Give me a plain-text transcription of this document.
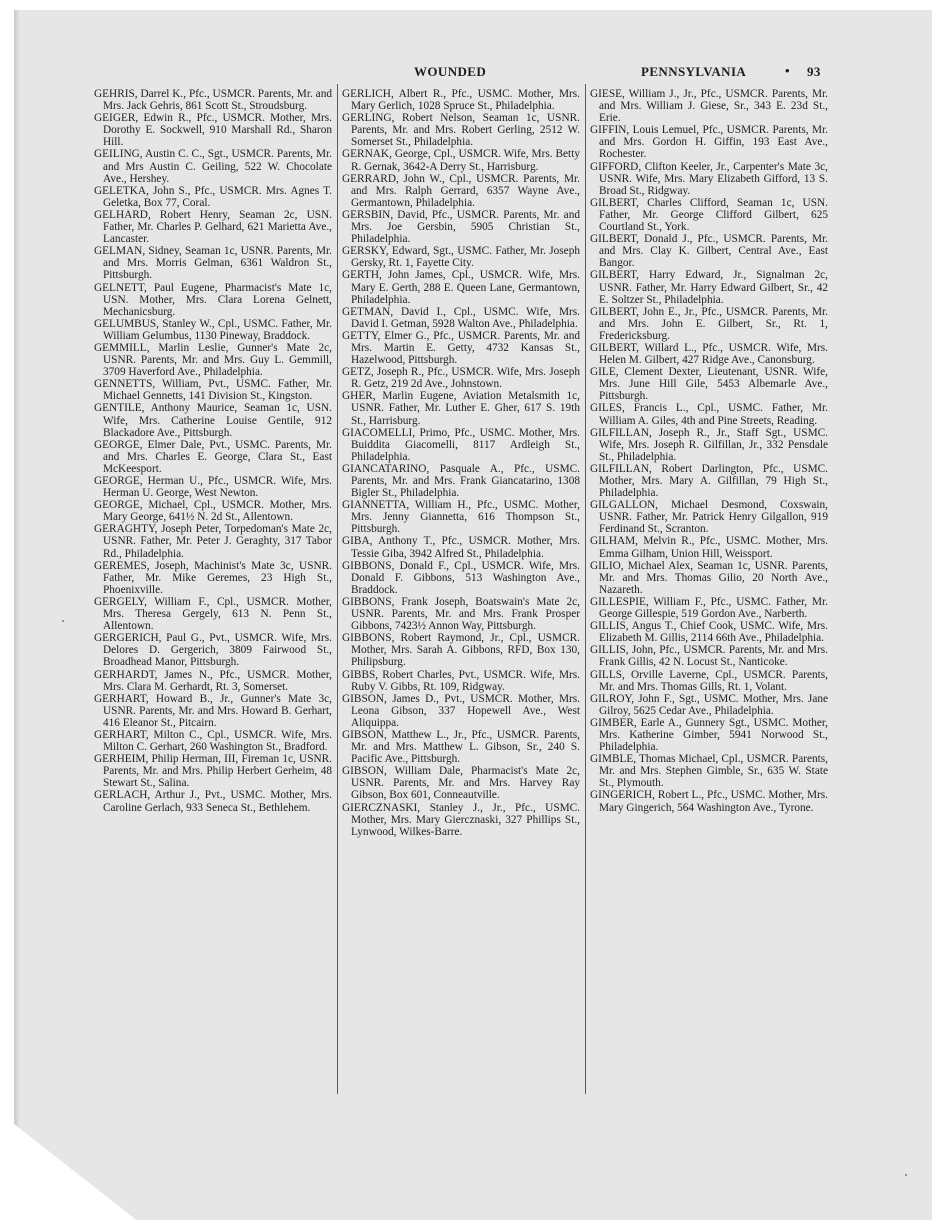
WOUNDED	PENNSYLVANIA	• 93

GEHRIS, Darrel K., Pfc., USMCR. Parents, Mr. and Mrs. Jack Gehris, 861 Scott St., Stroudsburg.

GEIGER, Edwin R., Pfc., USMCR. Mother, Mrs. Dorothy E. Sockwell, 910 Marshall Rd., Sharon Hill.

GEILING, Austin C. C., Sgt., USMCR. Parents, Mr. and Mrs Austin C. Geiling, 522 W. Chocolate Ave., Hershey.

GELETKA, John S., Pfc., USMCR. Mrs. Agnes T. Geletka, Box 77, Coral.

GELHARD, Robert Henry, Seaman 2c, USN. Father, Mr. Charles P. Gelhard, 621 Marietta Ave., Lancaster.

GELMAN, Sidney, Seaman 1c, USNR. Parents, Mr. and Mrs. Morris Gelman, 6361 Waldron St., Pittsburgh.

GELNETT, Paul Eugene, Pharmacist's Mate 1c, USN. Mother, Mrs. Clara Lorena Gelnett, Mechanicsburg.

GELUMBUS, Stanley W., Cpl., USMC. Father, Mr. William Gelumbus, 1130 Pineway, Braddock.

GEMMILL, Marlin Leslie, Gunner's Mate 2c, USNR. Parents, Mr. and Mrs. Guy L. Gemmill, 3709 Haverford Ave., Philadelphia.

GENNETTS, William, Pvt., USMC. Father, Mr. Michael Gennetts, 141 Division St., Kingston.

GENTILE, Anthony Maurice, Seaman 1c, USN. Wife, Mrs. Catherine Louise Gentile, 912 Blackadore Ave., Pittsburgh.

GEORGE, Elmer Dale, Pvt., USMC. Parents, Mr. and Mrs. Charles E. George, Clara St., East McKeesport.

GEORGE, Herman U., Pfc., USMCR. Wife, Mrs. Herman U. George, West Newton.

GEORGE, Michael, Cpl., USMCR. Mother, Mrs. Mary George, 641½ N. 2d St., Allentown.

GERAGHTY, Joseph Peter, Torpedoman's Mate 2c, USNR. Father, Mr. Peter J. Geraghty, 317 Tabor Rd., Philadelphia.

GEREMES, Joseph, Machinist's Mate 3c, USNR. Father, Mr. Mike Geremes, 23 High St., Phoenixville.

GERGELY, William F., Cpl., USMCR. Mother, Mrs. Theresa Gergely, 613 N. Penn St., Allentown.

GERGERICH, Paul G., Pvt., USMCR. Wife, Mrs. Delores D. Gergerich, 3809 Fairwood St., Broadhead Manor, Pittsburgh.

GERHARDT, James N., Pfc., USMCR. Mother, Mrs. Clara M. Gerhardt, Rt. 3, Somerset.

GERHART, Howard B., Jr., Gunner's Mate 3c, USNR. Parents, Mr. and Mrs. Howard B. Gerhart, 416 Eleanor St., Pitcairn.

GERHART, Milton C., Cpl., USMCR. Wife, Mrs. Milton C. Gerhart, 260 Washington St., Bradford.

GERHEIM, Philip Herman, III, Fireman 1c, USNR. Parents, Mr. and Mrs. Philip Herbert Gerheim, 48 Stewart St., Salina.

GERLACH, Arthur J., Pvt., USMC. Mother, Mrs. Caroline Gerlach, 933 Seneca St., Bethlehem.

GERLICH, Albert R., Pfc., USMC. Mother, Mrs. Mary Gerlich, 1028 Spruce St., Philadelphia.

GERLING, Robert Nelson, Seaman 1c, USNR. Parents, Mr. and Mrs. Robert Gerling, 2512 W. Somerset St., Philadelphia.

GERNAK, George, Cpl., USMCR. Wife, Mrs. Betty R. Gernak, 3642-A Derry St., Harrisburg.

GERRARD, John W., Cpl., USMCR. Parents, Mr. and Mrs. Ralph Gerrard, 6357 Wayne Ave., Germantown, Philadelphia.

GERSBIN, David, Pfc., USMCR. Parents, Mr. and Mrs. Joe Gersbin, 5905 Christian St., Philadelphia.

GERSKY, Edward, Sgt., USMC. Father, Mr. Joseph Gersky, Rt. 1, Fayette City.

GERTH, John James, Cpl., USMCR. Wife, Mrs. Mary E. Gerth, 288 E. Queen Lane, Germantown, Philadelphia.

GETMAN, David I., Cpl., USMC. Wife, Mrs. David I. Getman, 5928 Walton Ave., Philadelphia.

GETTY, Elmer G., Pfc., USMCR. Parents, Mr. and Mrs. Martin E. Getty, 4732 Kansas St., Hazelwood, Pittsburgh.

GETZ, Joseph R., Pfc., USMCR. Wife, Mrs. Joseph R. Getz, 219 2d Ave., Johnstown.

GHER, Marlin Eugene, Aviation Metalsmith 1c, USNR. Father, Mr. Luther E. Gher, 617 S. 19th St., Harrisburg.

GIACOMELLI, Primo, Pfc., USMC. Mother, Mrs. Buiddita Giacomelli, 8117 Ardleigh St., Philadelphia.

GIANCATARINO, Pasquale A., Pfc., USMC. Parents, Mr. and Mrs. Frank Giancatarino, 1308 Bigler St., Philadelphia.

GIANNETTA, William H., Pfc., USMC. Mother, Mrs. Jenny Giannetta, 616 Thompson St., Pittsburgh.

GIBA, Anthony T., Pfc., USMCR. Mother, Mrs. Tessie Giba, 3942 Alfred St., Philadelphia.

GIBBONS, Donald F., Cpl., USMCR. Wife, Mrs. Donald F. Gibbons, 513 Washington Ave., Braddock.

GIBBONS, Frank Joseph, Boatswain's Mate 2c, USNR. Parents, Mr. and Mrs. Frank Prosper Gibbons, 7423½ Annon Way, Pittsburgh.

GIBBONS, Robert Raymond, Jr., Cpl., USMCR. Mother, Mrs. Sarah A. Gibbons, RFD, Box 130, Philipsburg.

GIBBS, Robert Charles, Pvt., USMCR. Wife, Mrs. Ruby V. Gibbs, Rt. 109, Ridgway.

GIBSON, James D., Pvt., USMCR. Mother, Mrs. Leona Gibson, 337 Hopewell Ave., West Aliquippa.

GIBSON, Matthew L., Jr., Pfc., USMCR. Parents, Mr. and Mrs. Matthew L. Gibson, Sr., 240 S. Pacific Ave., Pittsburgh.

GIBSON, William Dale, Pharmacist's Mate 2c, USNR. Parents, Mr. and Mrs. Harvey Ray Gibson, Box 601, Conneautville.

GIERCZNASKI, Stanley J., Jr., Pfc., USMC. Mother, Mrs. Mary Giercznaski, 327 Phillips St., Lynwood, Wilkes-Barre.

GIESE, William J., Jr., Pfc., USMCR. Parents, Mr. and Mrs. William J. Giese, Sr., 343 E. 23d St., Erie.

GIFFIN, Louis Lemuel, Pfc., USMCR. Parents, Mr. and Mrs. Gordon H. Giffin, 193 East Ave., Rochester.

GIFFORD, Clifton Keeler, Jr., Carpenter's Mate 3c, USNR. Wife, Mrs. Mary Elizabeth Gifford, 13 S. Broad St., Ridgway.

GILBERT, Charles Clifford, Seaman 1c, USN. Father, Mr. George Clifford Gilbert, 625 Courtland St., York.

GILBERT, Donald J., Pfc., USMCR. Parents, Mr. and Mrs. Clay K. Gilbert, Central Ave., East Bangor.

GILBERT, Harry Edward, Jr., Signalman 2c, USNR. Father, Mr. Harry Edward Gilbert, Sr., 42 E. Soltzer St., Philadelphia.

GILBERT, John E., Jr., Pfc., USMCR. Parents, Mr. and Mrs. John E. Gilbert, Sr., Rt. 1, Fredericksburg.

GILBERT, Willard L., Pfc., USMCR. Wife, Mrs. Helen M. Gilbert, 427 Ridge Ave., Canonsburg.

GILE, Clement Dexter, Lieutenant, USNR. Wife, Mrs. June Hill Gile, 5453 Albemarle Ave., Pittsburgh.

GILES, Francis L., Cpl., USMC. Father, Mr. William A. Giles, 4th and Pine Streets, Reading.

GILFILLAN, Joseph R., Jr., Staff Sgt., USMC. Wife, Mrs. Joseph R. Gilfillan, Jr., 332 Pensdale St., Philadelphia.

GILFILLAN, Robert Darlington, Pfc., USMC. Mother, Mrs. Mary A. Gilfillan, 79 High St., Philadelphia.

GILGALLON, Michael Desmond, Coxswain, USNR. Father, Mr. Patrick Henry Gilgallon, 919 Ferdinand St., Scranton.

GILHAM, Melvin R., Pfc., USMC. Mother, Mrs. Emma Gilham, Union Hill, Weissport.

GILIO, Michael Alex, Seaman 1c, USNR. Parents, Mr. and Mrs. Thomas Gilio, 20 North Ave., Nazareth.

GILLESPIE, William F., Pfc., USMC. Father, Mr. George Gillespie, 519 Gordon Ave., Narberth.

GILLIS, Angus T., Chief Cook, USMC. Wife, Mrs. Elizabeth M. Gillis, 2114 66th Ave., Philadelphia.

GILLIS, John, Pfc., USMCR. Parents, Mr. and Mrs. Frank Gillis, 42 N. Locust St., Nanticoke.

GILLS, Orville Laverne, Cpl., USMCR. Parents, Mr. and Mrs. Thomas Gills, Rt. 1, Volant.

GILROY, John F., Sgt., USMC. Mother, Mrs. Jane Gilroy, 5625 Cedar Ave., Philadelphia.

GIMBER, Earle A., Gunnery Sgt., USMC. Mother, Mrs. Katherine Gimber, 5941 Norwood St., Philadelphia.

GIMBLE, Thomas Michael, Cpl., USMCR. Parents, Mr. and Mrs. Stephen Gimble, Sr., 635 W. State St., Plymouth.

GINGERICH, Robert L., Pfc., USMC. Mother, Mrs. Mary Gingerich, 564 Washington Ave., Tyrone.
